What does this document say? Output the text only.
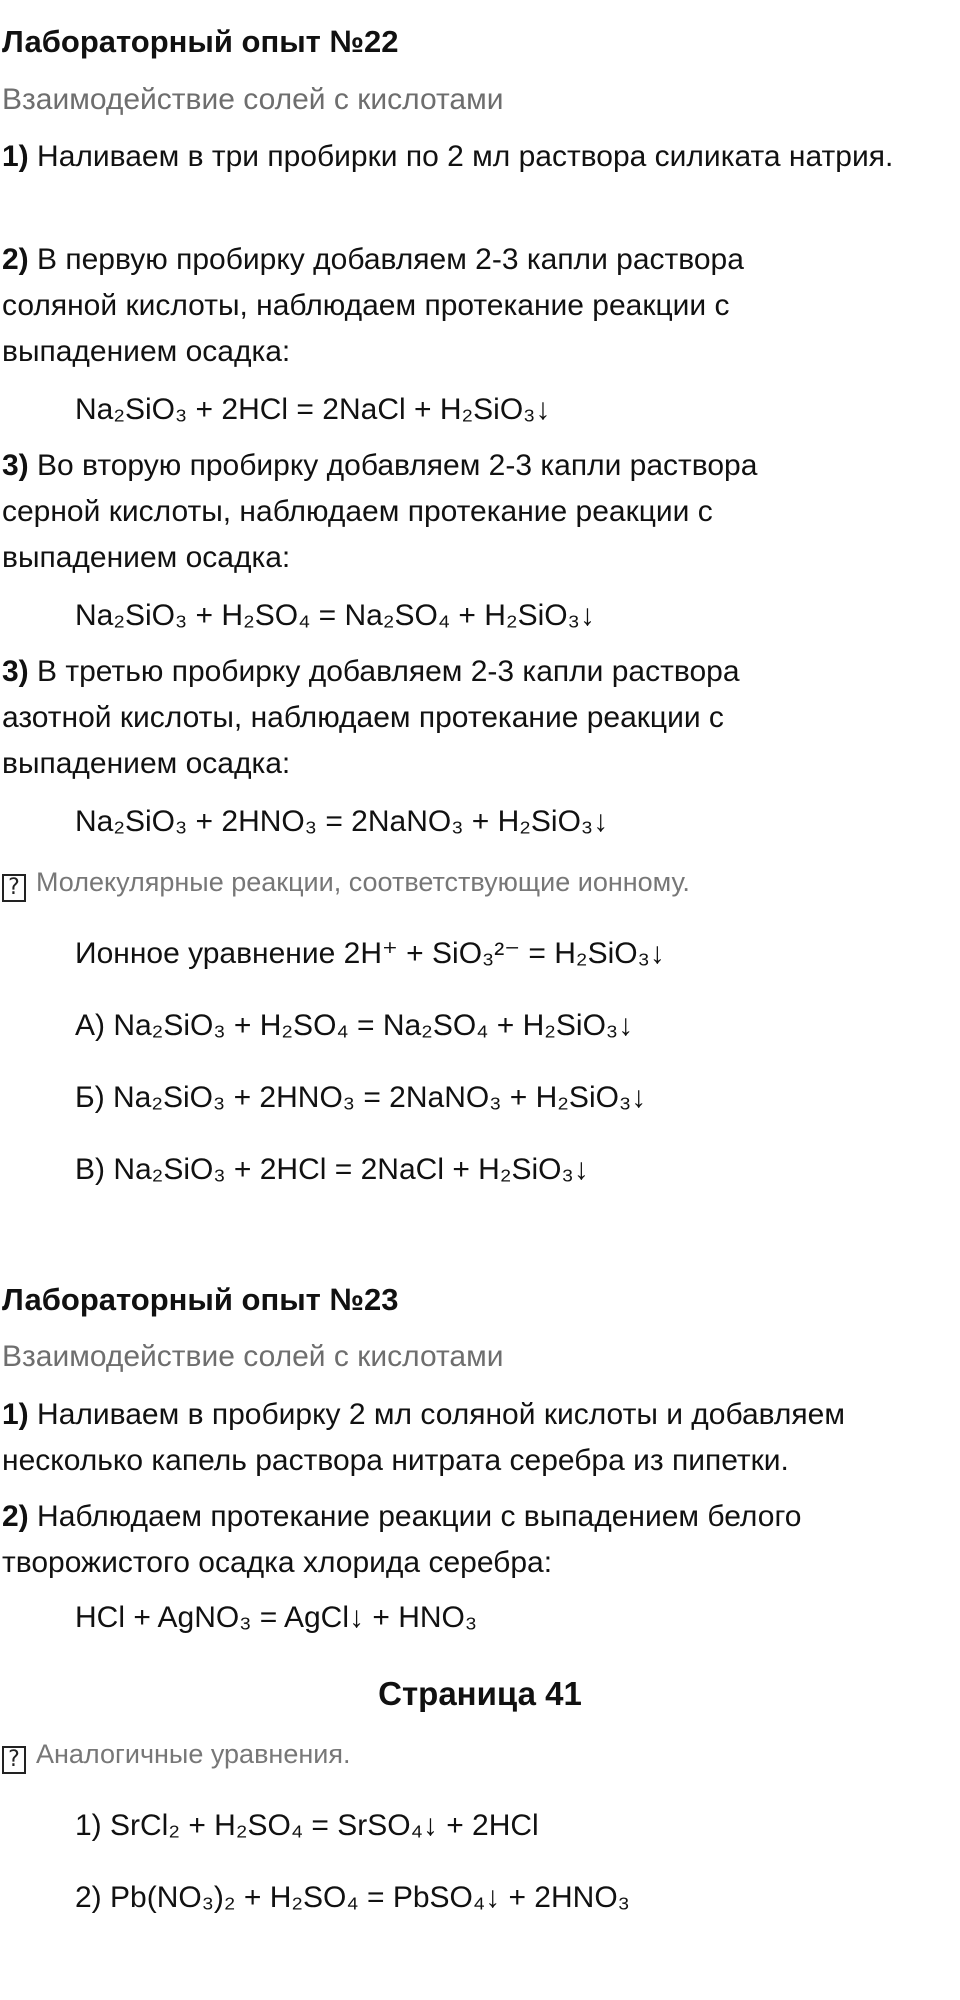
Лабораторный опыт №22
Взаимодействие солей с кислотами

1) Наливаем в три пробирки по 2 мл раствора силиката натрия.

2) В первую пробирку добавляем 2-3 капли раствора соляной кислоты, наблюдаем протекание реакции с выпадением осадка:

Na₂SiO₃ + 2HCl = 2NaCl + H₂SiO₃↓

3) Во вторую пробирку добавляем 2-3 капли раствора серной кислоты, наблюдаем протекание реакции с выпадением осадка:

Na₂SiO₃ + H₂SO₄ = Na₂SO₄ + H₂SiO₃↓

3) В третью пробирку добавляем 2-3 капли раствора азотной кислоты, наблюдаем протекание реакции с выпадением осадка:

Na₂SiO₃ + 2HNO₃ = 2NaNO₃ + H₂SiO₃↓
? Молекулярные реакции, соответствующие ионному.
Ионное уравнение 2H⁺ + SiO₃²⁻ = H₂SiO₃↓
А) Na₂SiO₃ + H₂SO₄ = Na₂SO₄ + H₂SiO₃↓
Б) Na₂SiO₃ + 2HNO₃ = 2NaNO₃ + H₂SiO₃↓
В) Na₂SiO₃ + 2HCl = 2NaCl + H₂SiO₃↓
Лабораторный опыт №23
Взаимодействие солей с кислотами

1) Наливаем в пробирку 2 мл соляной кислоты и добавляем несколько капель раствора нитрата серебра из пипетки.

2) Наблюдаем протекание реакции с выпадением белого творожистого осадка хлорида серебра:

HCl + AgNO₃ = AgCl↓ + HNO₃
Страница 41
? Аналогичные уравнения.
1) SrCl₂ + H₂SO₄ = SrSO₄↓ + 2HCl
2) Pb(NO₃)₂ + H₂SO₄ = PbSO₄↓ + 2HNO₃
